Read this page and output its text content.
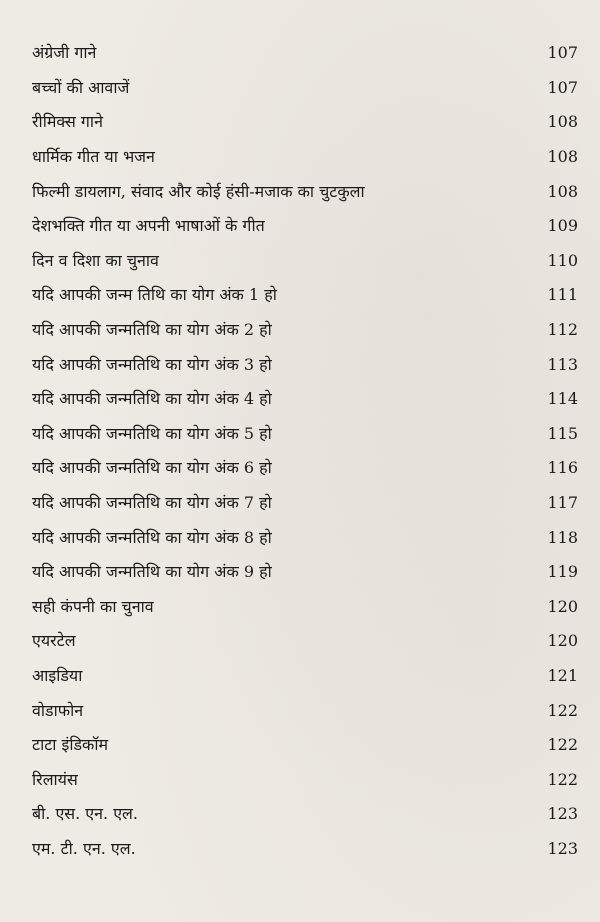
अंग्रेजी गाने	107
बच्चों की आवाजें	107
रीमिक्स गाने	108
धार्मिक गीत या भजन	108
फिल्मी डायलाग, संवाद और कोई हंसी-मजाक का चुटकुला	108
देशभक्ति गीत या अपनी भाषाओं के गीत	109
दिन व दिशा का चुनाव	110
यदि आपकी जन्म तिथि का योग अंक 1 हो	111
यदि आपकी जन्मतिथि का योग अंक 2 हो	112
यदि आपकी जन्मतिथि का योग अंक 3 हो	113
यदि आपकी जन्मतिथि का योग अंक 4 हो	114
यदि आपकी जन्मतिथि का योग अंक 5 हो	115
यदि आपकी जन्मतिथि का योग अंक 6 हो	116
यदि आपकी जन्मतिथि का योग अंक 7 हो	117
यदि आपकी जन्मतिथि का योग अंक 8 हो	118
यदि आपकी जन्मतिथि का योग अंक 9 हो	119
सही कंपनी का चुनाव	120
एयरटेल	120
आइडिया	121
वोडाफोन	122
टाटा इंडिकॉम	122
रिलायंस	122
बी. एस. एन. एल.	123
एम. टी. एन. एल.	123
